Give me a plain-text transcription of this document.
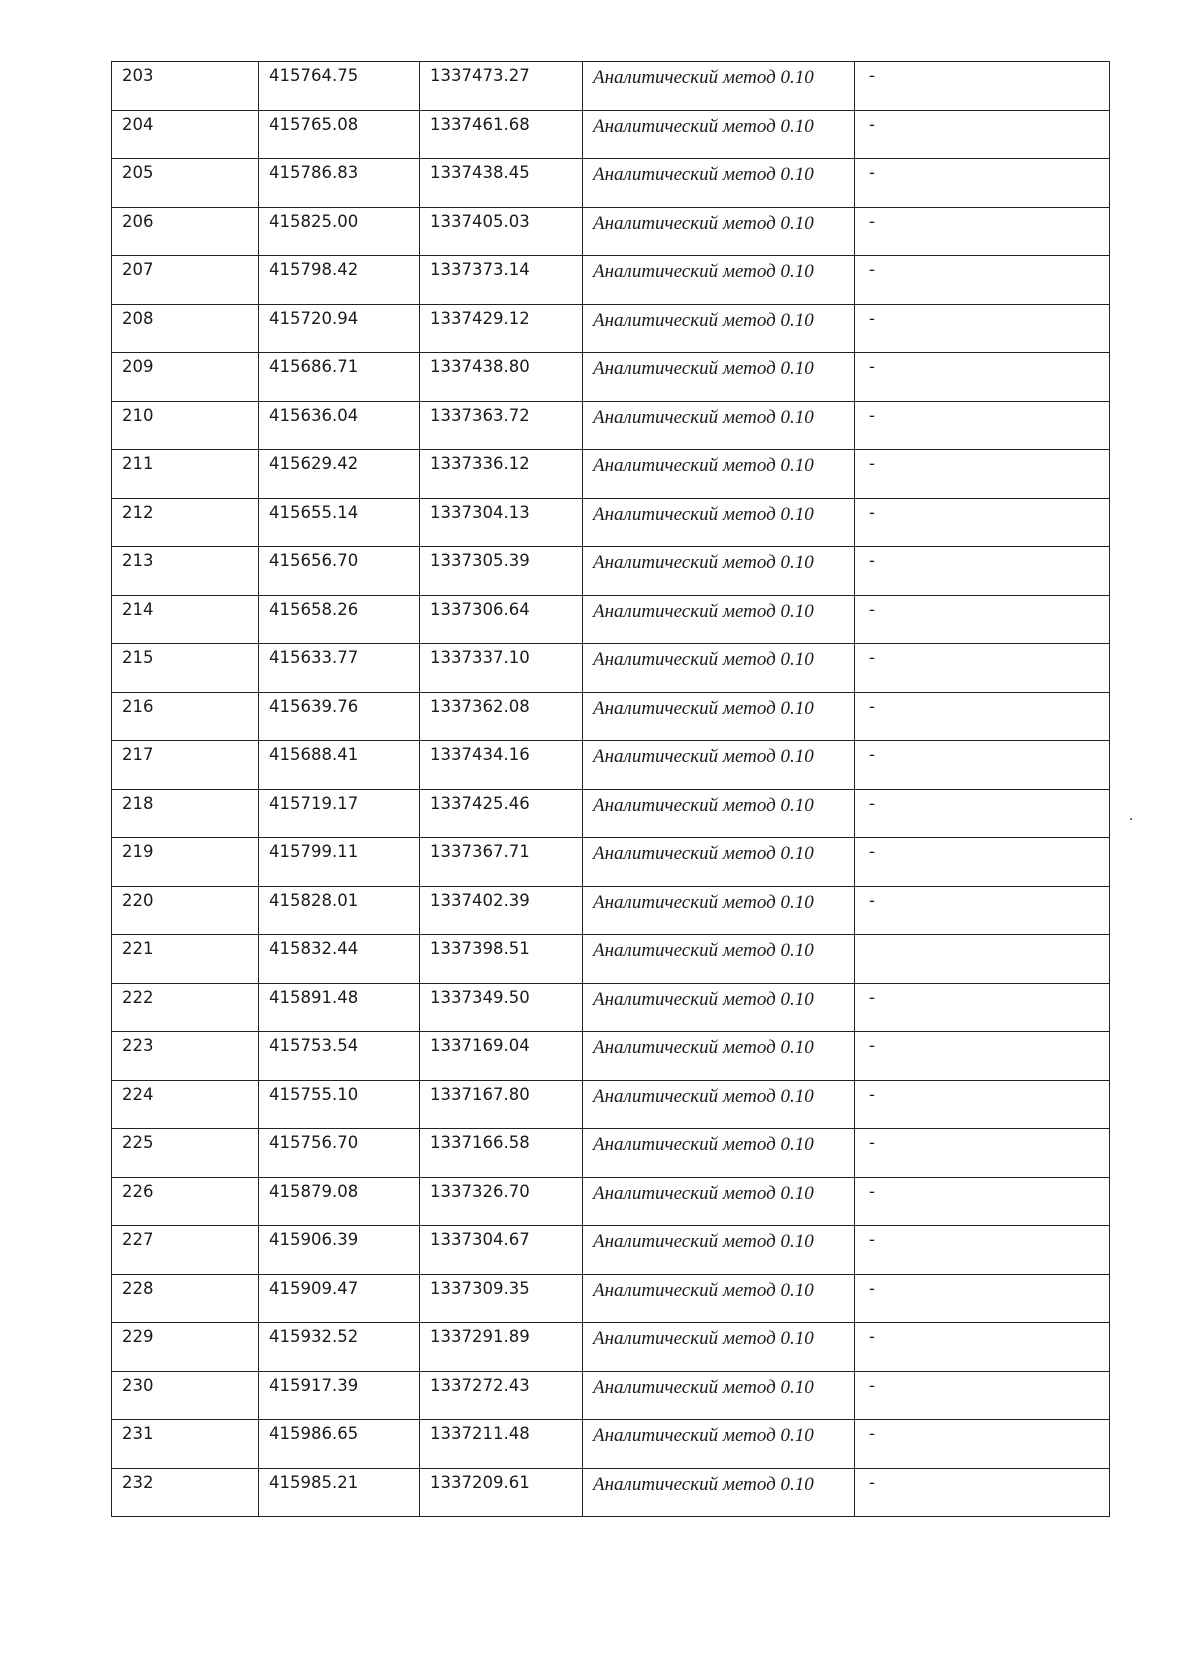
203	415764.75	1337473.27	Аналитический метод 0.10	-

204	415765.08	1337461.68	Аналитический метод 0.10	-

205	415786.83	1337438.45	Аналитический метод 0.10	-

206	415825.00	1337405.03	Аналитический метод 0.10	-

207	415798.42	1337373.14	Аналитический метод 0.10	-

208	415720.94	1337429.12	Аналитический метод 0.10	-

209	415686.71	1337438.80	Аналитический метод 0.10	-

210	415636.04	1337363.72	Аналитический метод 0.10	-

211	415629.42	1337336.12	Аналитический метод 0.10	-

212	415655.14	1337304.13	Аналитический метод 0.10	-

213	415656.70	1337305.39	Аналитический метод 0.10	-

214	415658.26	1337306.64	Аналитический метод 0.10	-

215	415633.77	1337337.10	Аналитический метод 0.10	-

216	415639.76	1337362.08	Аналитический метод 0.10	-

217	415688.41	1337434.16	Аналитический метод 0.10	-

218	415719.17	1337425.46	Аналитический метод 0.10	-

219	415799.11	1337367.71	Аналитический метод 0.10	-

220	415828.01	1337402.39	Аналитический метод 0.10	-

221	415832.44	1337398.51	Аналитический метод 0.10	

222	415891.48	1337349.50	Аналитический метод 0.10	-

223	415753.54	1337169.04	Аналитический метод 0.10	-

224	415755.10	1337167.80	Аналитический метод 0.10	-

225	415756.70	1337166.58	Аналитический метод 0.10	-

226	415879.08	1337326.70	Аналитический метод 0.10	-

227	415906.39	1337304.67	Аналитический метод 0.10	-

228	415909.47	1337309.35	Аналитический метод 0.10	-

229	415932.52	1337291.89	Аналитический метод 0.10	-

230	415917.39	1337272.43	Аналитический метод 0.10	-

231	415986.65	1337211.48	Аналитический метод 0.10	-

232	415985.21	1337209.61	Аналитический метод 0.10	-
